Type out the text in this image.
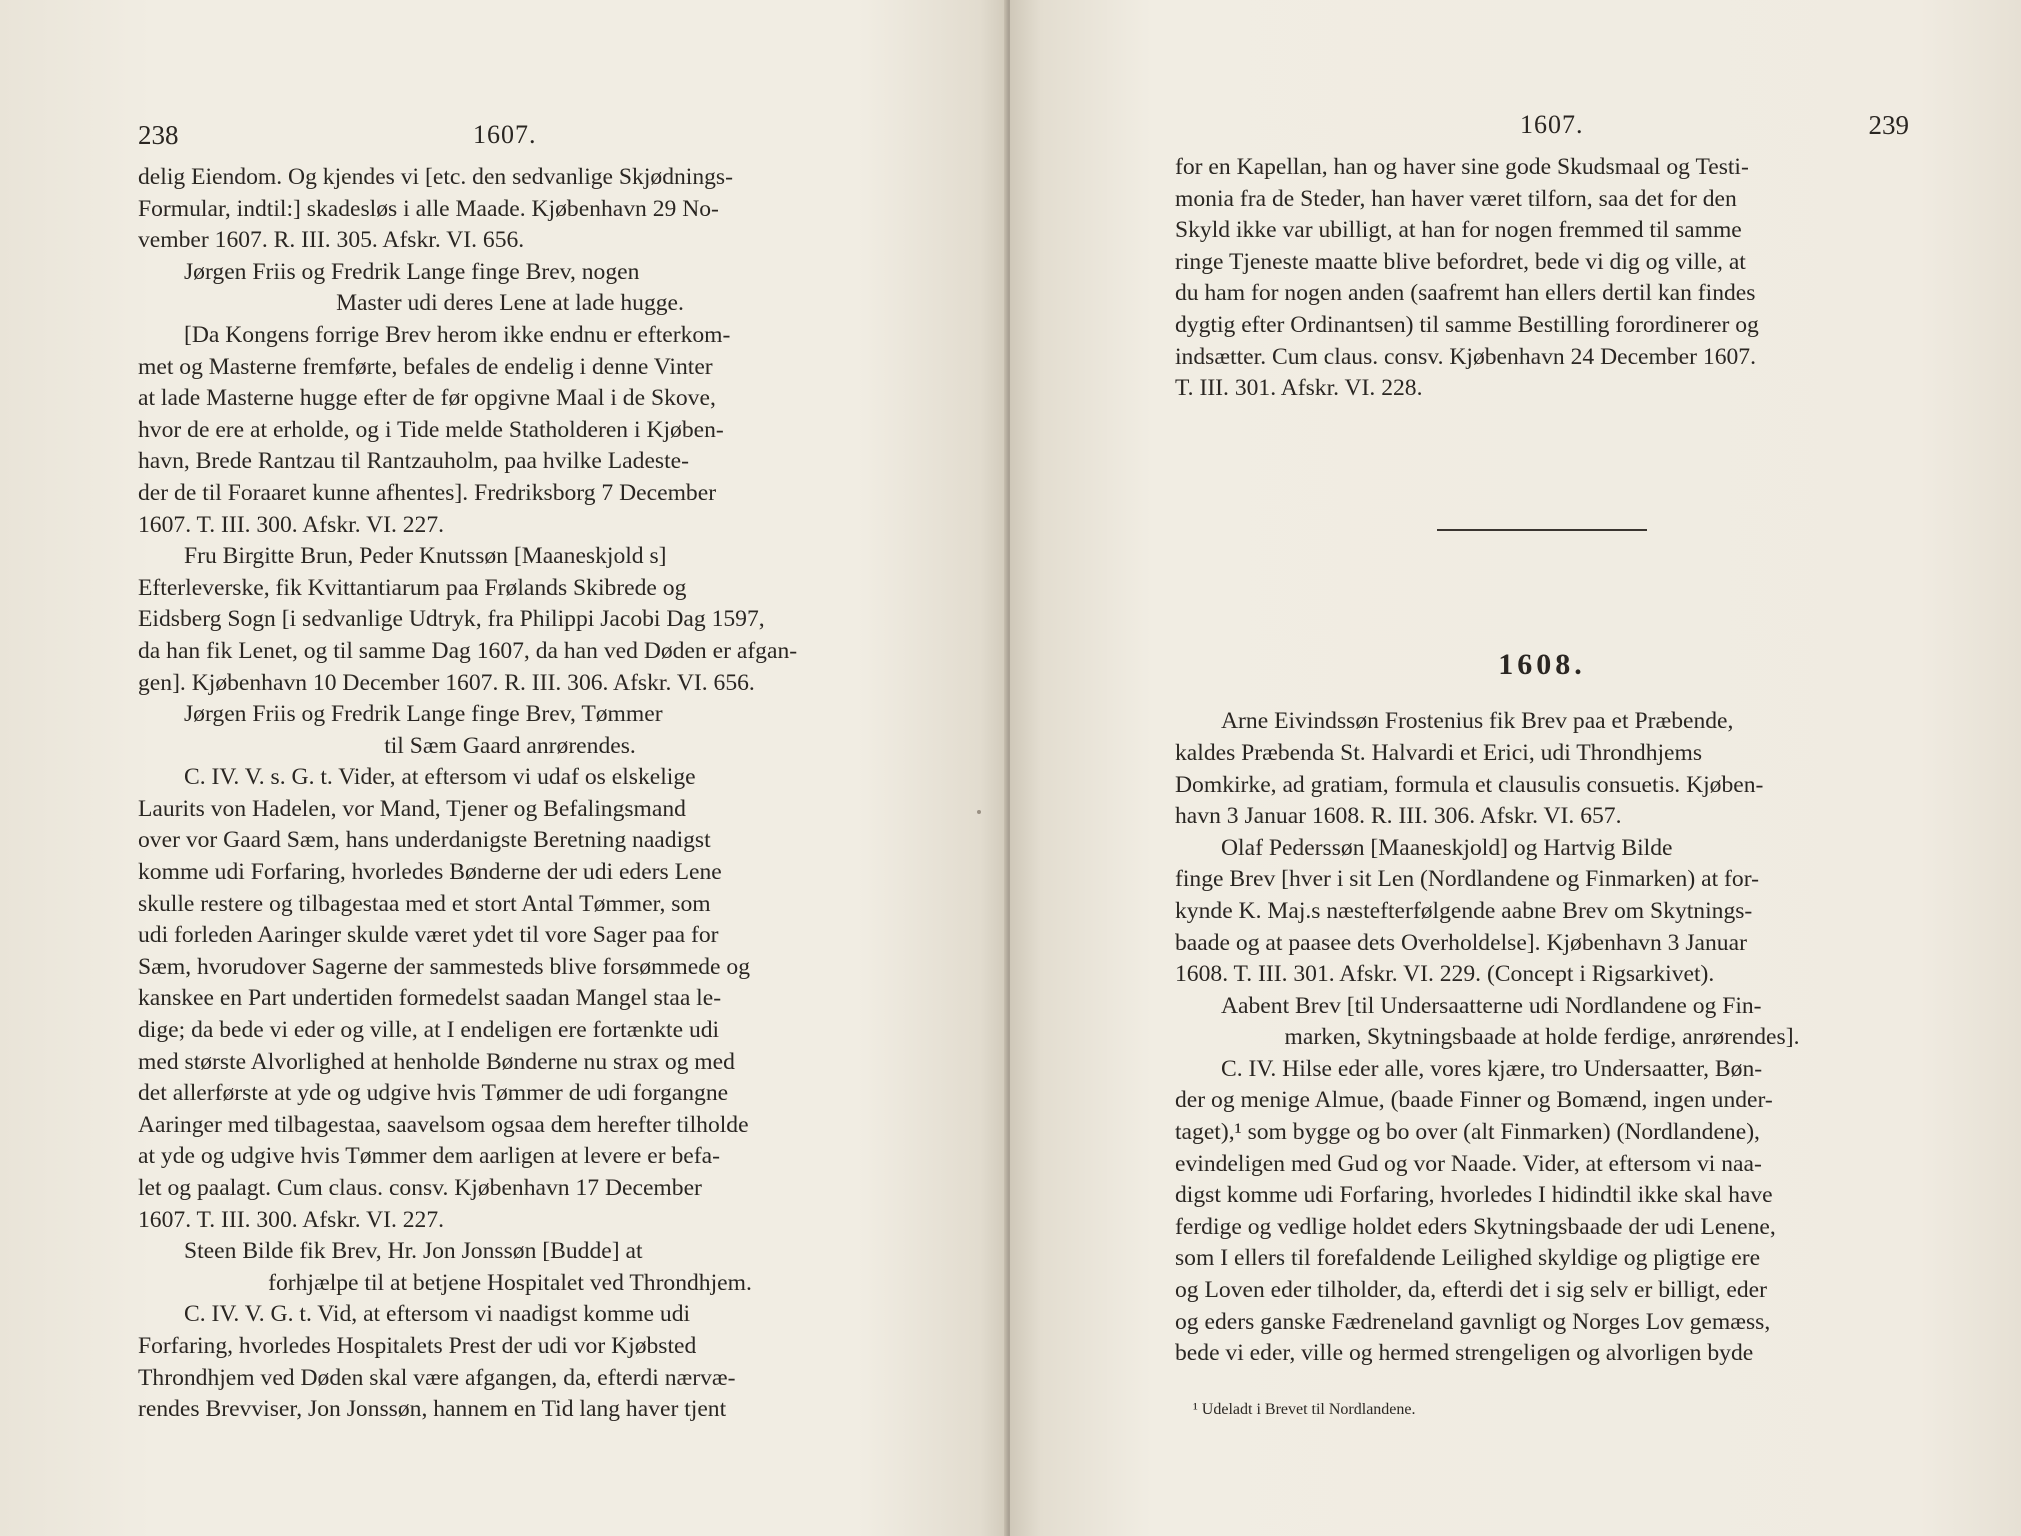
238	1607.

delig Eiendom. Og kjendes vi [etc. den sedvanlige Skjødnings-

Formular, indtil:] skadesløs i alle Maade. Kjøbenhavn 29 No-

vember 1607. R. III. 305. Afskr. VI. 656.

Jørgen Friis og Fredrik Lange finge Brev, nogen

Master udi deres Lene at lade hugge.

[Da Kongens forrige Brev herom ikke endnu er efterkom-

met og Masterne fremførte, befales de endelig i denne Vinter

at lade Masterne hugge efter de før opgivne Maal i de Skove,

hvor de ere at erholde, og i Tide melde Statholderen i Kjøben-

havn, Brede Rantzau til Rantzauholm, paa hvilke Ladeste-

der de til Foraaret kunne afhentes]. Fredriksborg 7 December

1607. T. III. 300. Afskr. VI. 227.

Fru Birgitte Brun, Peder Knutssøn [Maaneskjold s]

Efterleverske, fik Kvittantiarum paa Frølands Skibrede og

Eidsberg Sogn [i sedvanlige Udtryk, fra Philippi Jacobi Dag 1597,

da han fik Lenet, og til samme Dag 1607, da han ved Døden er afgan-

gen]. Kjøbenhavn 10 December 1607. R. III. 306. Afskr. VI. 656.

Jørgen Friis og Fredrik Lange finge Brev, Tømmer

til Sæm Gaard anrørendes.

C. IV. V. s. G. t. Vider, at eftersom vi udaf os elskelige

Laurits von Hadelen, vor Mand, Tjener og Befalingsmand

over vor Gaard Sæm, hans underdanigste Beretning naadigst

komme udi Forfaring, hvorledes Bønderne der udi eders Lene

skulle restere og tilbagestaa med et stort Antal Tømmer, som

udi forleden Aaringer skulde været ydet til vore Sager paa for

Sæm, hvorudover Sagerne der sammesteds blive forsømmede og

kanskee en Part undertiden formedelst saadan Mangel staa le-

dige; da bede vi eder og ville, at I endeligen ere fortænkte udi

med største Alvorlighed at henholde Bønderne nu strax og med

det allerførste at yde og udgive hvis Tømmer de udi forgangne

Aaringer med tilbagestaa, saavelsom ogsaa dem herefter tilholde

at yde og udgive hvis Tømmer dem aarligen at levere er befa-

let og paalagt. Cum claus. consv. Kjøbenhavn 17 December

1607. T. III. 300. Afskr. VI. 227.

Steen Bilde fik Brev, Hr. Jon Jonssøn [Budde] at

forhjælpe til at betjene Hospitalet ved Throndhjem.

C. IV. V. G. t. Vid, at eftersom vi naadigst komme udi

Forfaring, hvorledes Hospitalets Prest der udi vor Kjøbsted

Throndhjem ved Døden skal være afgangen, da, efterdi nærvæ-

rendes Brevviser, Jon Jonssøn, hannem en Tid lang haver tjent

1607.	239

for en Kapellan, han og haver sine gode Skudsmaal og Testi-

monia fra de Steder, han haver været tilforn, saa det for den

Skyld ikke var ubilligt, at han for nogen fremmed til samme

ringe Tjeneste maatte blive befordret, bede vi dig og ville, at

du ham for nogen anden (saafremt han ellers dertil kan findes

dygtig efter Ordinantsen) til samme Bestilling forordinerer og

indsætter. Cum claus. consv. Kjøbenhavn 24 December 1607.

T. III. 301. Afskr. VI. 228.

1608.

Arne Eivindssøn Frostenius fik Brev paa et Præbende,

kaldes Præbenda St. Halvardi et Erici, udi Throndhjems

Domkirke, ad gratiam, formula et clausulis consuetis. Kjøben-

havn 3 Januar 1608. R. III. 306. Afskr. VI. 657.

Olaf Pederssøn [Maaneskjold] og Hartvig Bilde

finge Brev [hver i sit Len (Nordlandene og Finmarken) at for-

kynde K. Maj.s næstefterfølgende aabne Brev om Skytnings-

baade og at paasee dets Overholdelse]. Kjøbenhavn 3 Januar

1608. T. III. 301. Afskr. VI. 229. (Concept i Rigsarkivet).

Aabent Brev [til Undersaatterne udi Nordlandene og Fin-

marken, Skytningsbaade at holde ferdige, anrørendes].

C. IV. Hilse eder alle, vores kjære, tro Undersaatter, Bøn-

der og menige Almue, (baade Finner og Bomænd, ingen under-

taget),¹ som bygge og bo over (alt Finmarken) (Nordlandene),

evindeligen med Gud og vor Naade. Vider, at eftersom vi naa-

digst komme udi Forfaring, hvorledes I hidindtil ikke skal have

ferdige og vedlige holdet eders Skytningsbaade der udi Lenene,

som I ellers til forefaldende Leilighed skyldige og pligtige ere

og Loven eder tilholder, da, efterdi det i sig selv er billigt, eder

og eders ganske Fædreneland gavnligt og Norges Lov gemæss,

bede vi eder, ville og hermed strengeligen og alvorligen byde

¹ Udeladt i Brevet til Nordlandene.
